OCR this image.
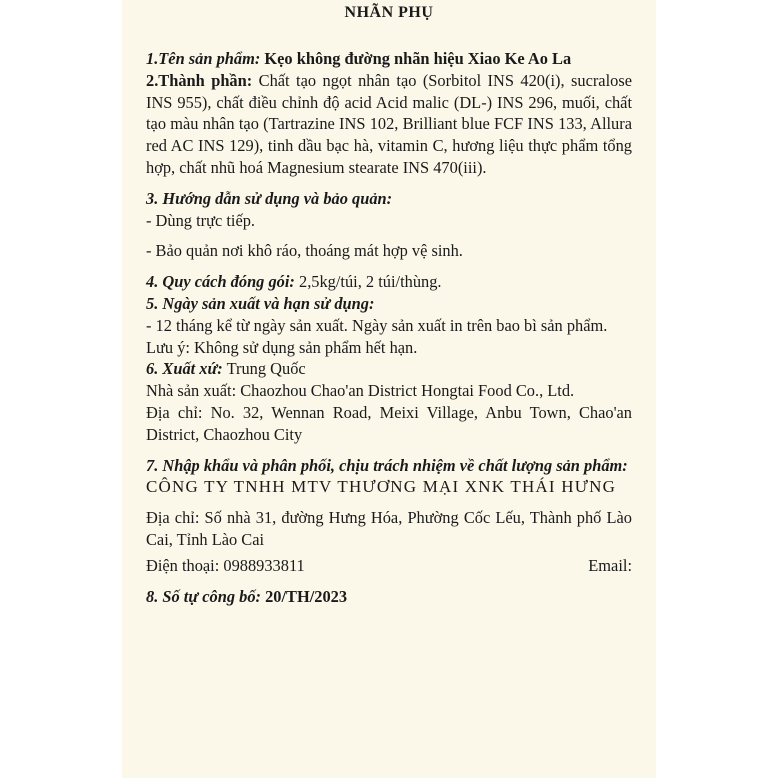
NHÃN PHỤ

1.Tên sản phẩm: Kẹo không đường nhãn hiệu Xiao Ke Ao La

2.Thành phần: Chất tạo ngọt nhân tạo (Sorbitol INS 420(i), sucralose INS 955), chất điều chỉnh độ acid Acid malic (DL-) INS 296, muối, chất tạo màu nhân tạo (Tartrazine INS 102, Brilliant blue FCF INS 133, Allura red AC INS 129), tinh dầu bạc hà, vitamin C, hương liệu thực phẩm tổng hợp, chất nhũ hoá Magnesium stearate INS 470(iii).

3. Hướng dẫn sử dụng và bảo quản:

- Dùng trực tiếp.

- Bảo quản nơi khô ráo, thoáng mát hợp vệ sinh.

4. Quy cách đóng gói: 2,5kg/túi, 2 túi/thùng.

5. Ngày sản xuất và hạn sử dụng:

- 12 tháng kể từ ngày sản xuất. Ngày sản xuất in trên bao bì sản phẩm.

Lưu ý: Không sử dụng sản phẩm hết hạn.

6. Xuất xứ: Trung Quốc

Nhà sản xuất: Chaozhou Chao'an District Hongtai Food Co., Ltd.

Địa chỉ: No. 32, Wennan Road, Meixi Village, Anbu Town, Chao'an District, Chaozhou City

7. Nhập khẩu và phân phối, chịu trách nhiệm về chất lượng sản phẩm:

CÔNG TY TNHH MTV THƯƠNG MẠI XNK THÁI HƯNG

Địa chỉ: Số nhà 31, đường Hưng Hóa, Phường Cốc Lếu, Thành phố Lào Cai, Tỉnh Lào Cai

Điện thoại: 0988933811	Email:

8. Số tự công bố: 20/TH/2023
